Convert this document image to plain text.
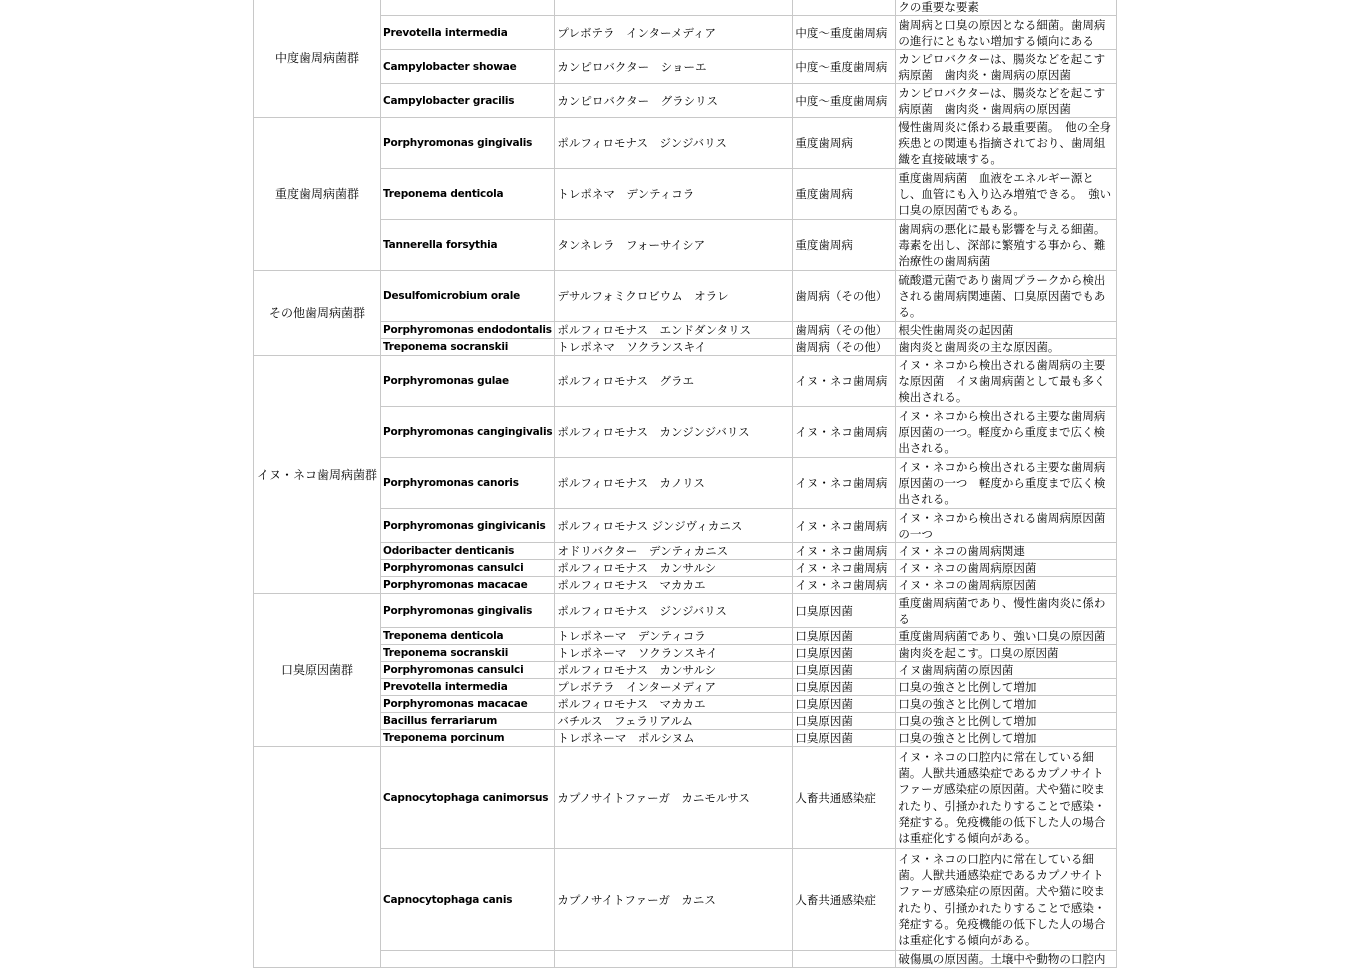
中度歯周病菌群				クの重要な要素
	Prevotella intermedia	プレボテラ　インターメディア	中度〜重度歯周病	歯周病と口臭の原因となる細菌。歯周病の進行にともない増加する傾向にある
	Campylobacter showae	カンピロバクター　ショーエ	中度〜重度歯周病	カンピロバクターは、腸炎などを起こす病原菌　歯肉炎・歯周病の原因菌
	Campylobacter gracilis	カンピロバクター　グラシリス	中度〜重度歯周病	カンピロバクターは、腸炎などを起こす病原菌　歯肉炎・歯周病の原因菌
重度歯周病菌群	Porphyromonas gingivalis	ポルフィロモナス　ジンジバリス	重度歯周病	慢性歯周炎に係わる最重要菌。　他の全身疾患との関連も指摘されており、歯周組織を直接破壊する。
	Treponema denticola	トレポネマ　デンティコラ	重度歯周病	重度歯周病菌　血液をエネルギー源とし、血管にも入り込み増殖できる。　強い口臭の原因菌でもある。
	Tannerella forsythia	タンネレラ　フォーサイシア	重度歯周病	歯周病の悪化に最も影響を与える細菌。毒素を出し、深部に繁殖する事から、難治療性の歯周病菌
その他歯周病菌群	Desulfomicrobium orale	デサルフォミクロビウム　オラレ	歯周病（その他）	硫酸還元菌であり歯周プラークから検出される歯周病関連菌、口臭原因菌でもある。
	Porphyromonas endodontalis	ポルフィロモナス　エンドダンタリス	歯周病（その他）	根尖性歯周炎の起因菌
	Treponema socranskii	トレポネマ　ソクランスキイ	歯周病（その他）	歯肉炎と歯周炎の主な原因菌。
イヌ・ネコ歯周病菌群	Porphyromonas gulae	ポルフィロモナス　グラエ	イヌ・ネコ歯周病	イヌ・ネコから検出される歯周病の主要な原因菌　イヌ歯周病菌として最も多く検出される。
	Porphyromonas cangingivalis	ポルフィロモナス　カンジンジバリス	イヌ・ネコ歯周病	イヌ・ネコから検出される主要な歯周病原因菌の一つ。軽度から重度まで広く検出される。
	Porphyromonas canoris	ポルフィロモナス　カノリス	イヌ・ネコ歯周病	イヌ・ネコから検出される主要な歯周病原因菌の一つ　軽度から重度まで広く検出される。
	Porphyromonas gingivicanis	ポルフィロモナス ジンジヴィカニス	イヌ・ネコ歯周病	イヌ・ネコから検出される歯周病原因菌の一つ
	Odoribacter denticanis	オドリバクター　デンティカニス	イヌ・ネコ歯周病	イヌ・ネコの歯周病関連
	Porphyromonas cansulci	ポルフィロモナス　カンサルシ	イヌ・ネコ歯周病	イヌ・ネコの歯周病原因菌
	Porphyromonas macacae	ポルフィロモナス　マカカエ	イヌ・ネコ歯周病	イヌ・ネコの歯周病原因菌
口臭原因菌群	Porphyromonas gingivalis	ポルフィロモナス　ジンジバリス	口臭原因菌	重度歯周病菌であり、慢性歯肉炎に係わる
	Treponema denticola	トレポネーマ　デンティコラ	口臭原因菌	重度歯周病菌であり、強い口臭の原因菌
	Treponema socranskii	トレポネーマ　ソクランスキイ	口臭原因菌	歯肉炎を起こす。口臭の原因菌
	Porphyromonas cansulci	ポルフィロモナス　カンサルシ	口臭原因菌	イヌ歯周病菌の原因菌
	Prevotella intermedia	プレボテラ　インターメディア	口臭原因菌	口臭の強さと比例して増加
	Porphyromonas macacae	ポルフィロモナス　マカカエ	口臭原因菌	口臭の強さと比例して増加
	Bacillus ferrariarum	バチルス　フェラリアルム	口臭原因菌	口臭の強さと比例して増加
	Treponema porcinum	トレポネーマ　ポルシヌム	口臭原因菌	口臭の強さと比例して増加
	Capnocytophaga canimorsus	カプノサイトファーガ　カニモルサス	人畜共通感染症	イヌ・ネコの口腔内に常在している細菌。人獣共通感染症であるカプノサイトファーガ感染症の原因菌。犬や猫に咬まれたり、引掻かれたりすることで感染・発症する。免疫機能の低下した人の場合は重症化する傾向がある。
	Capnocytophaga canis	カプノサイトファーガ　カニス	人畜共通感染症	イヌ・ネコの口腔内に常在している細菌。人獣共通感染症であるカプノサイトファーガ感染症の原因菌。犬や猫に咬まれたり、引掻かれたりすることで感染・発症する。免疫機能の低下した人の場合は重症化する傾向がある。
				破傷風の原因菌。土壌中や動物の口腔内
